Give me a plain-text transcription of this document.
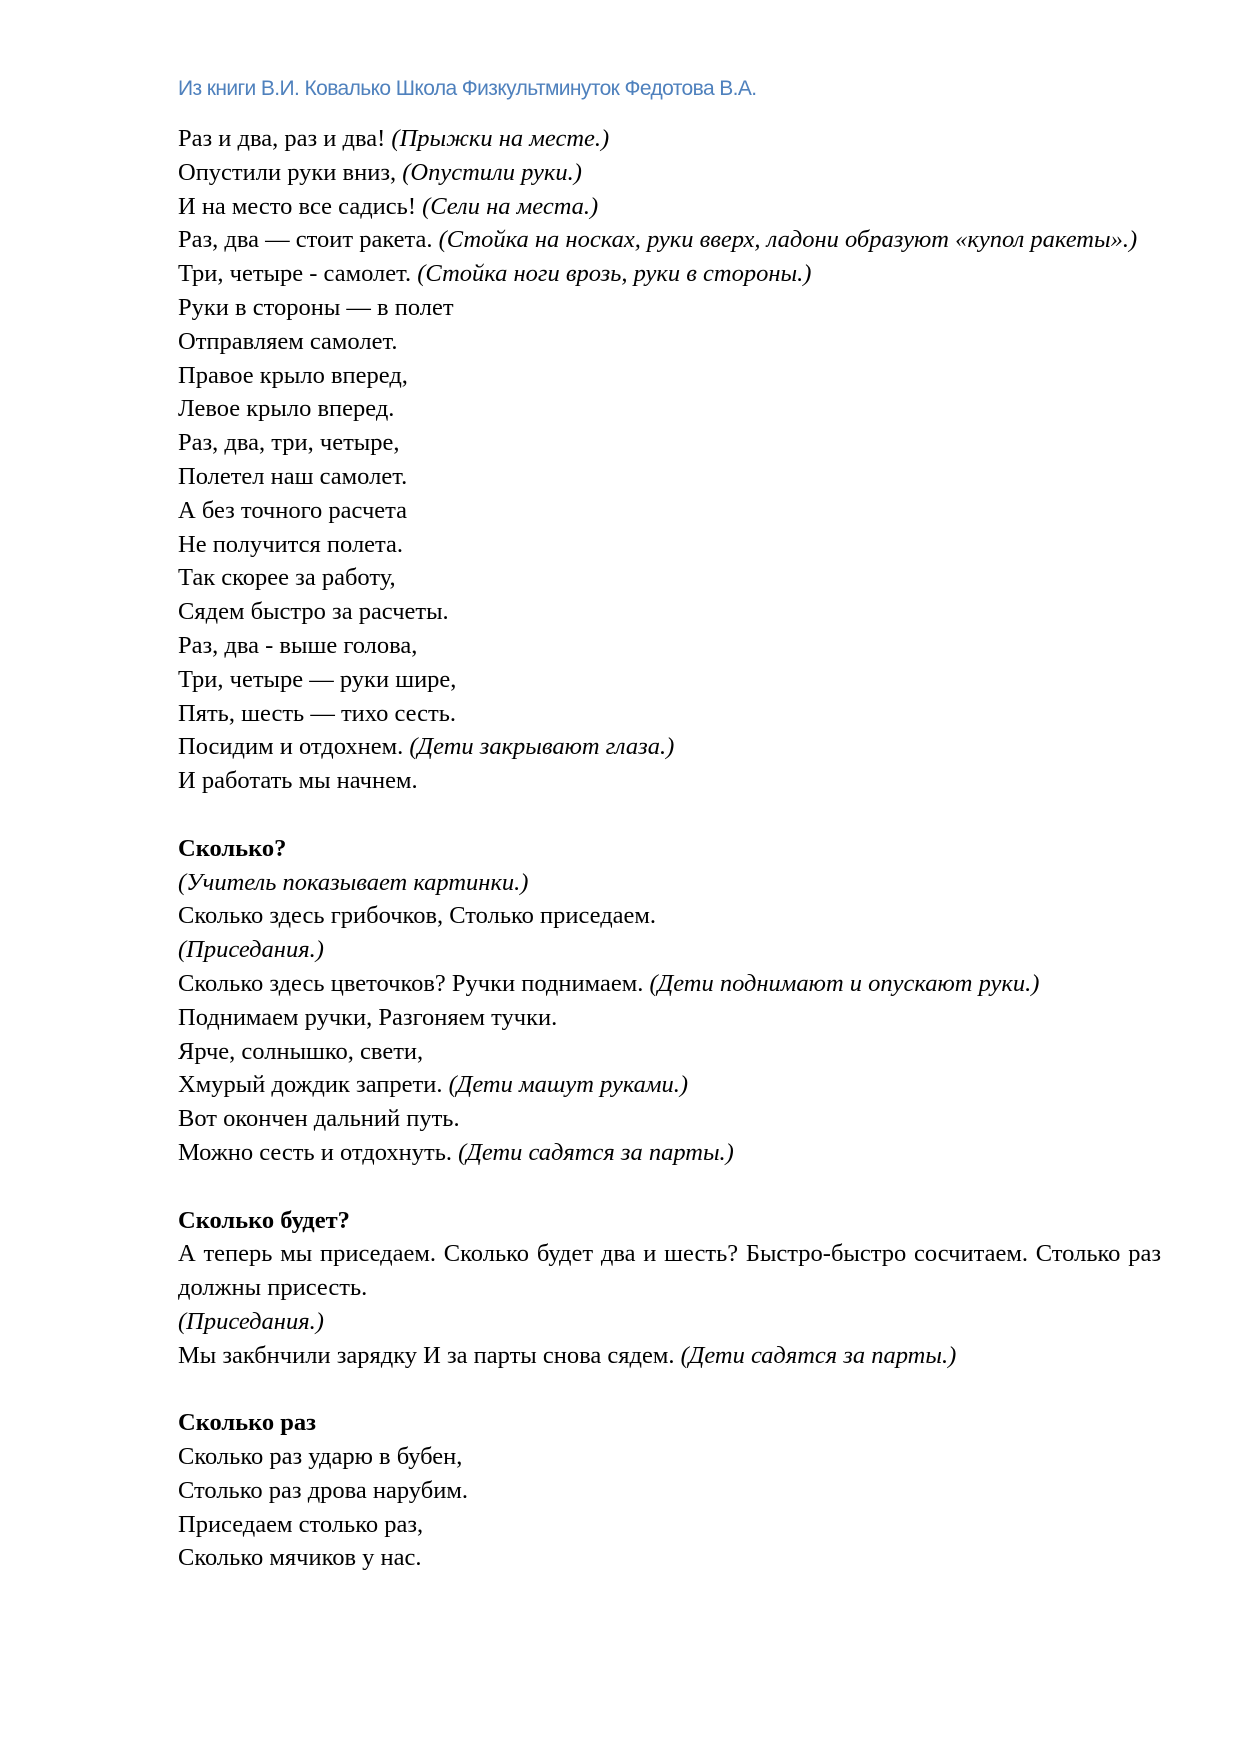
Из книги В.И. Ковалько Школа Физкультминуток Федотова В.А.

Раз и два, раз и два! (Прыжки на месте.)

Опустили руки вниз, (Опустили руки.)

И на место все садись! (Сели на места.)

Раз, два — стоит ракета. (Стойка на носках, руки вверх, ладони образуют «купол ракеты».)

Три, четыре - самолет. (Стойка ноги врозь, руки в стороны.)

Руки в стороны — в полет

Отправляем самолет.

Правое крыло вперед,

Левое крыло вперед.

Раз, два, три, четыре,

Полетел наш самолет.

А без точного расчета

Не получится полета.

Так скорее за работу,

Сядем быстро за расчеты.

Раз, два - выше голова,

Три, четыре — руки шире,

Пять, шесть — тихо сесть.

Посидим и отдохнем. (Дети закрывают глаза.)

И работать мы начнем.

Сколько?

(Учитель показывает картинки.)

Сколько здесь грибочков, Столько приседаем.

(Приседания.)

Сколько здесь цветочков? Ручки поднимаем. (Дети поднимают и опускают руки.)

Поднимаем ручки, Разгоняем тучки.

Ярче, солнышко, свети,

Хмурый дождик запрети. (Дети машут руками.)

Вот окончен дальний путь.

Можно сесть и отдохнуть. (Дети садятся за парты.)

Сколько будет?

А теперь мы приседаем. Сколько будет два и шесть? Быстро-быстро сосчитаем. Столько раз должны присесть.

(Приседания.)

Мы закбнчили зарядку И за парты снова сядем. (Дети садятся за парты.)

Сколько раз

Сколько раз ударю в бубен,

Столько раз дрова нарубим.

Приседаем столько раз,

Сколько мячиков у нас.
